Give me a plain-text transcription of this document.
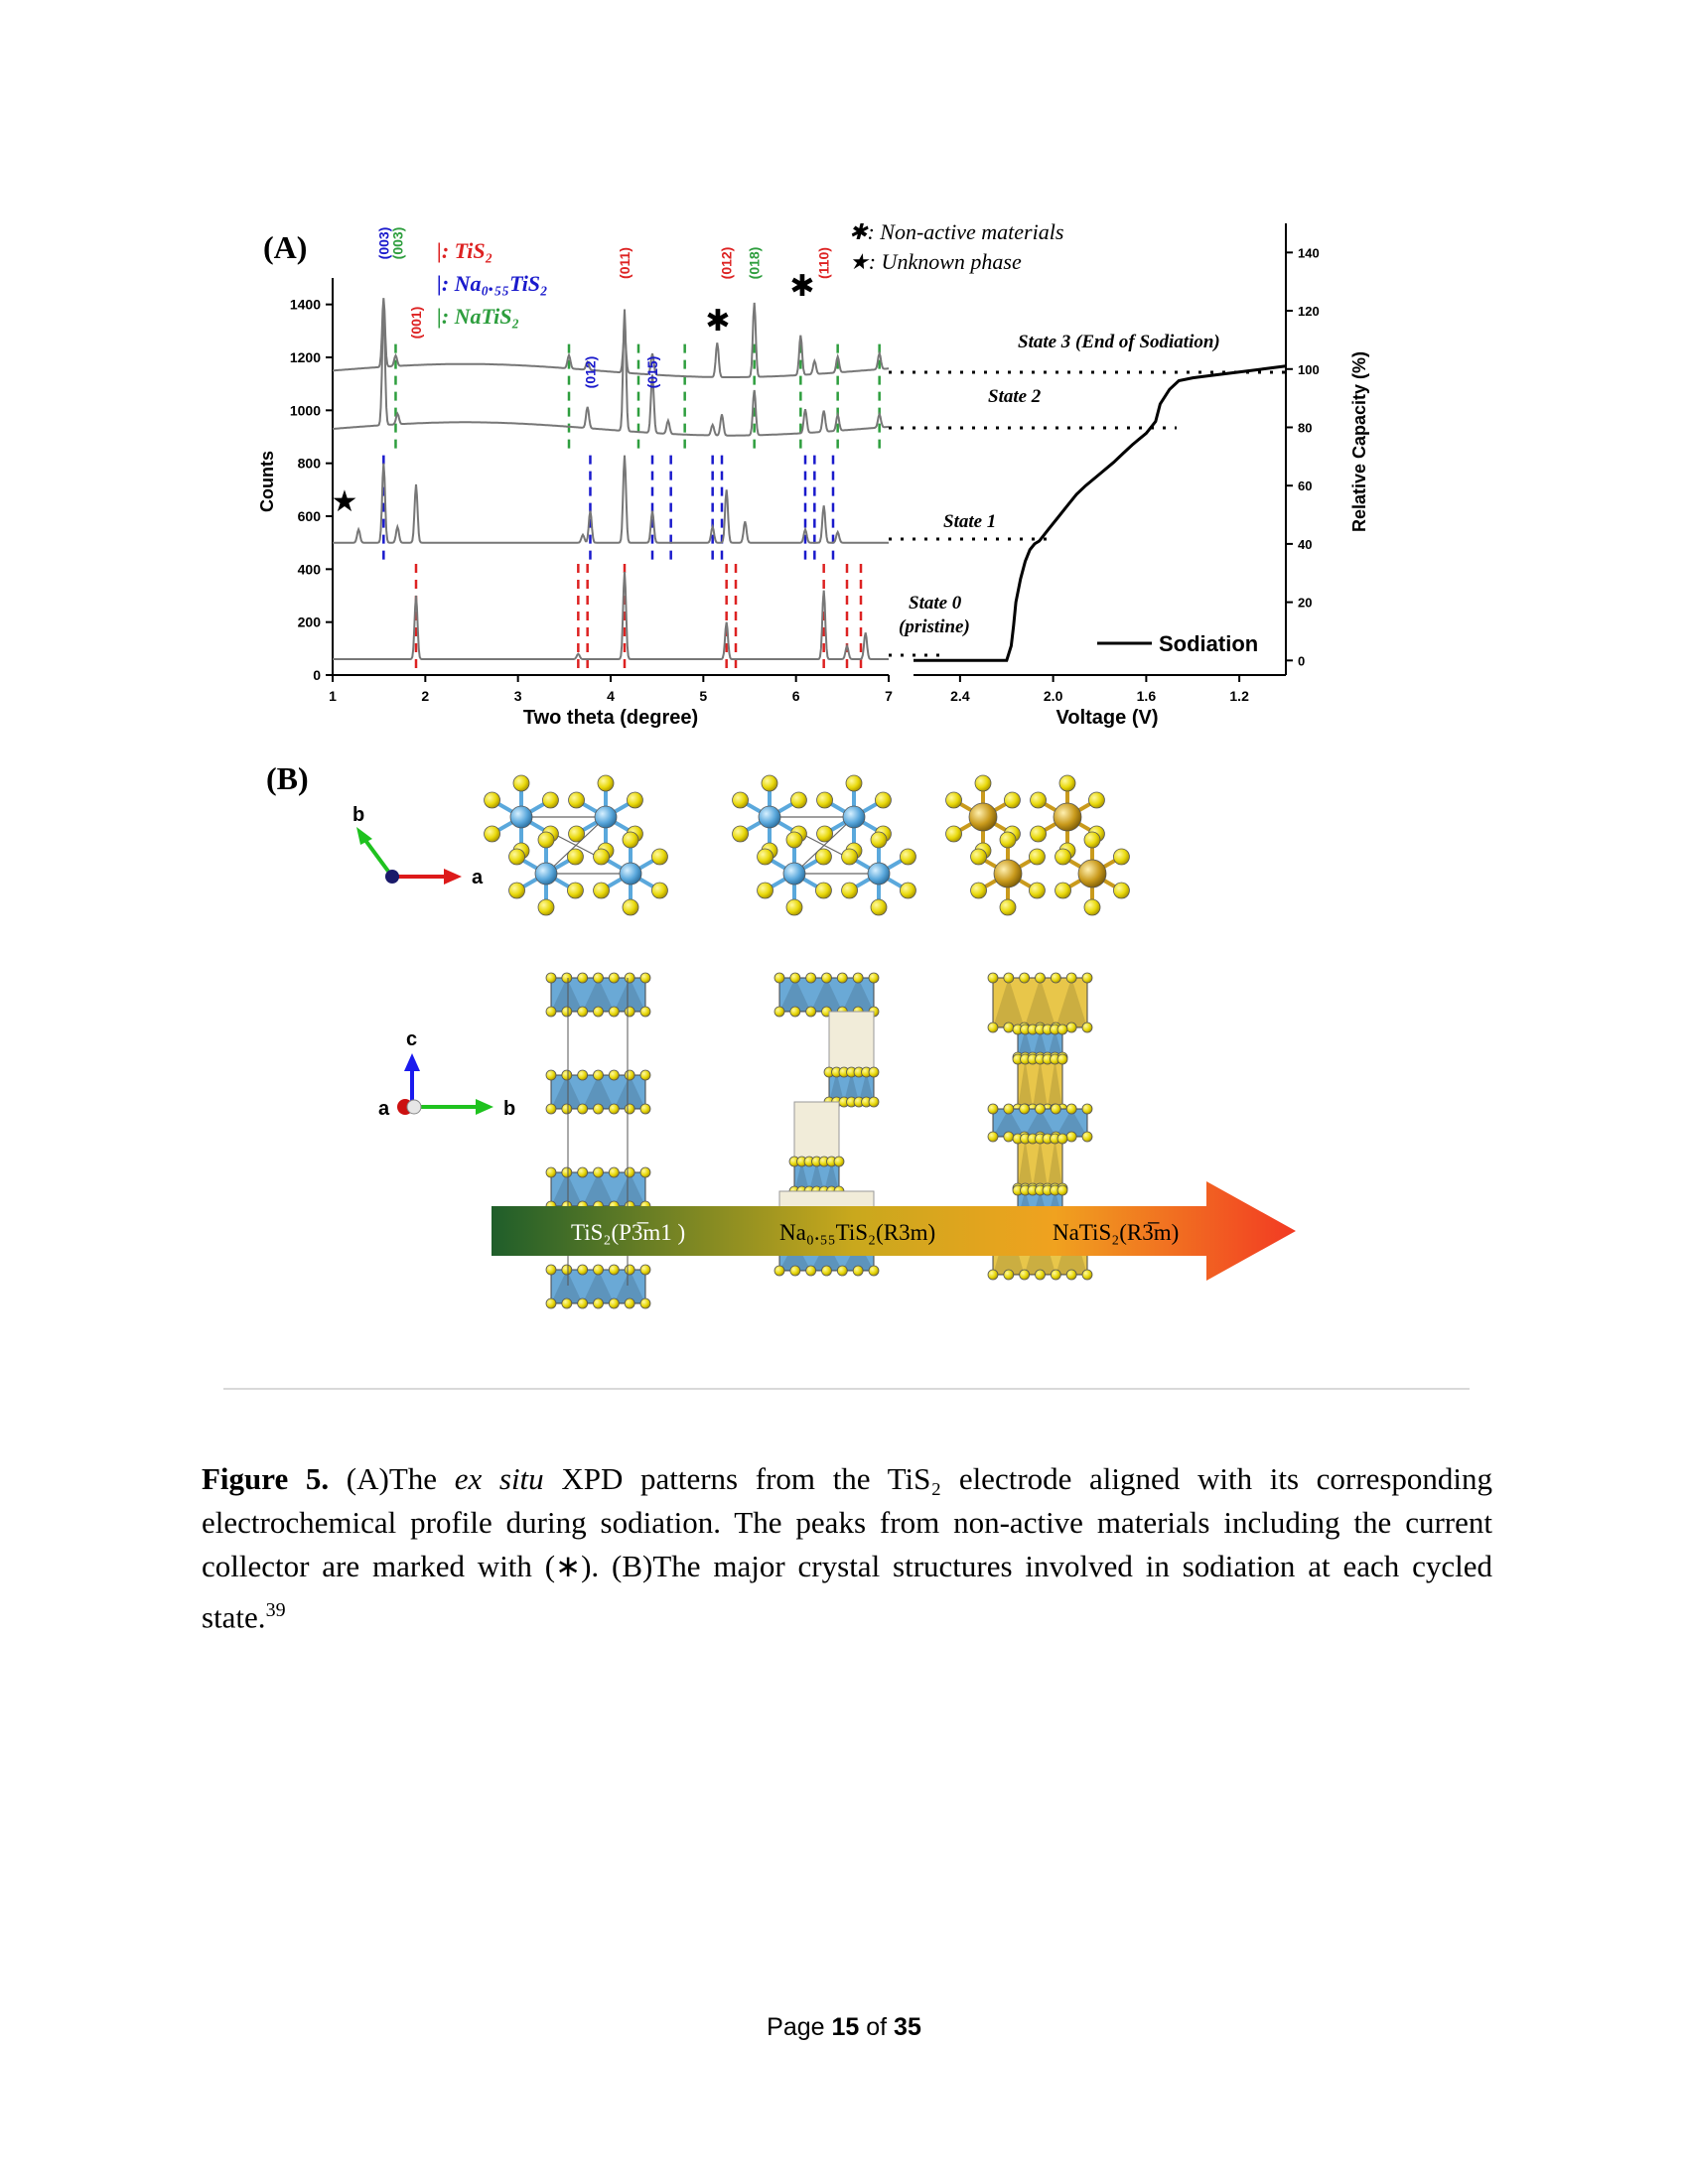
(A)
1	2	3	4	5	6	7
0
200
400
600
800
1000
1200
1400
Two theta (degree)
Counts
(003)
(003)
(001)
(012)
(011)
(015)
(012) (018)	(110)
★
✱
✱
|: TiS₂
|: Na₀.₅₅TiS₂
|: NaTiS₂
✱: Non-active materials
★: Unknown phase
2.4	2.0	1.6	1.2
0
20
40
60
80
100
120
140
Voltage (V)
Relative Capacity (%)
Sodiation
State 3 (End of Sodiation)
State 2
State 1
State 0
(pristine)
(B)
b
a
c
a	b
TiS₂(P3̅m1 )	Na₀.₅₅TiS₂(R3m)	NaTiS₂(R3̅m)
Figure 5. (A)The ex situ XPD patterns from the TiS₂ electrode aligned with its corresponding electrochemical profile during sodiation. The peaks from non-active materials including the current collector are marked with (∗). (B)The major crystal structures involved in sodiation at each cycled state.$^{39}$
Page 15 of 35
